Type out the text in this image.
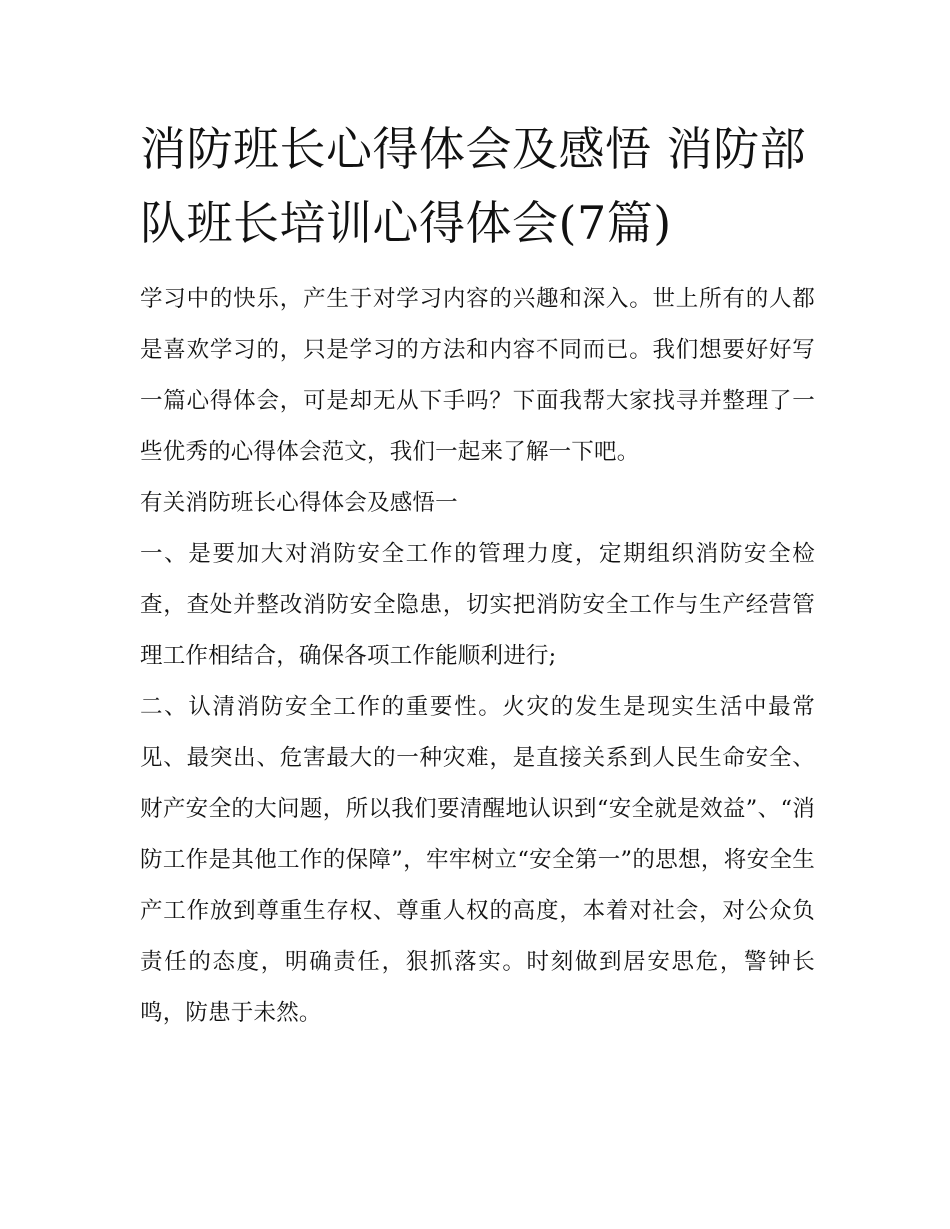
消防班长心得体会及感悟 消防部队班长培训心得体会(7篇)

学习中的快乐，产生于对学习内容的兴趣和深入。世上所有的人都是喜欢学习的，只是学习的方法和内容不同而已。我们想要好好写一篇心得体会，可是却无从下手吗？下面我帮大家找寻并整理了一些优秀的心得体会范文，我们一起来了解一下吧。

有关消防班长心得体会及感悟一

一、是要加大对消防安全工作的管理力度，定期组织消防安全检查，查处并整改消防安全隐患，切实把消防安全工作与生产经营管理工作相结合，确保各项工作能顺利进行;

二、认清消防安全工作的重要性。火灾的发生是现实生活中最常见、最突出、危害最大的一种灾难，是直接关系到人民生命安全、财产安全的大问题，所以我们要清醒地认识到“安全就是效益”、“消防工作是其他工作的保障”，牢牢树立“安全第一”的思想，将安全生产工作放到尊重生存权、尊重人权的高度，本着对社会，对公众负责任的态度，明确责任，狠抓落实。时刻做到居安思危，警钟长鸣，防患于未然。
